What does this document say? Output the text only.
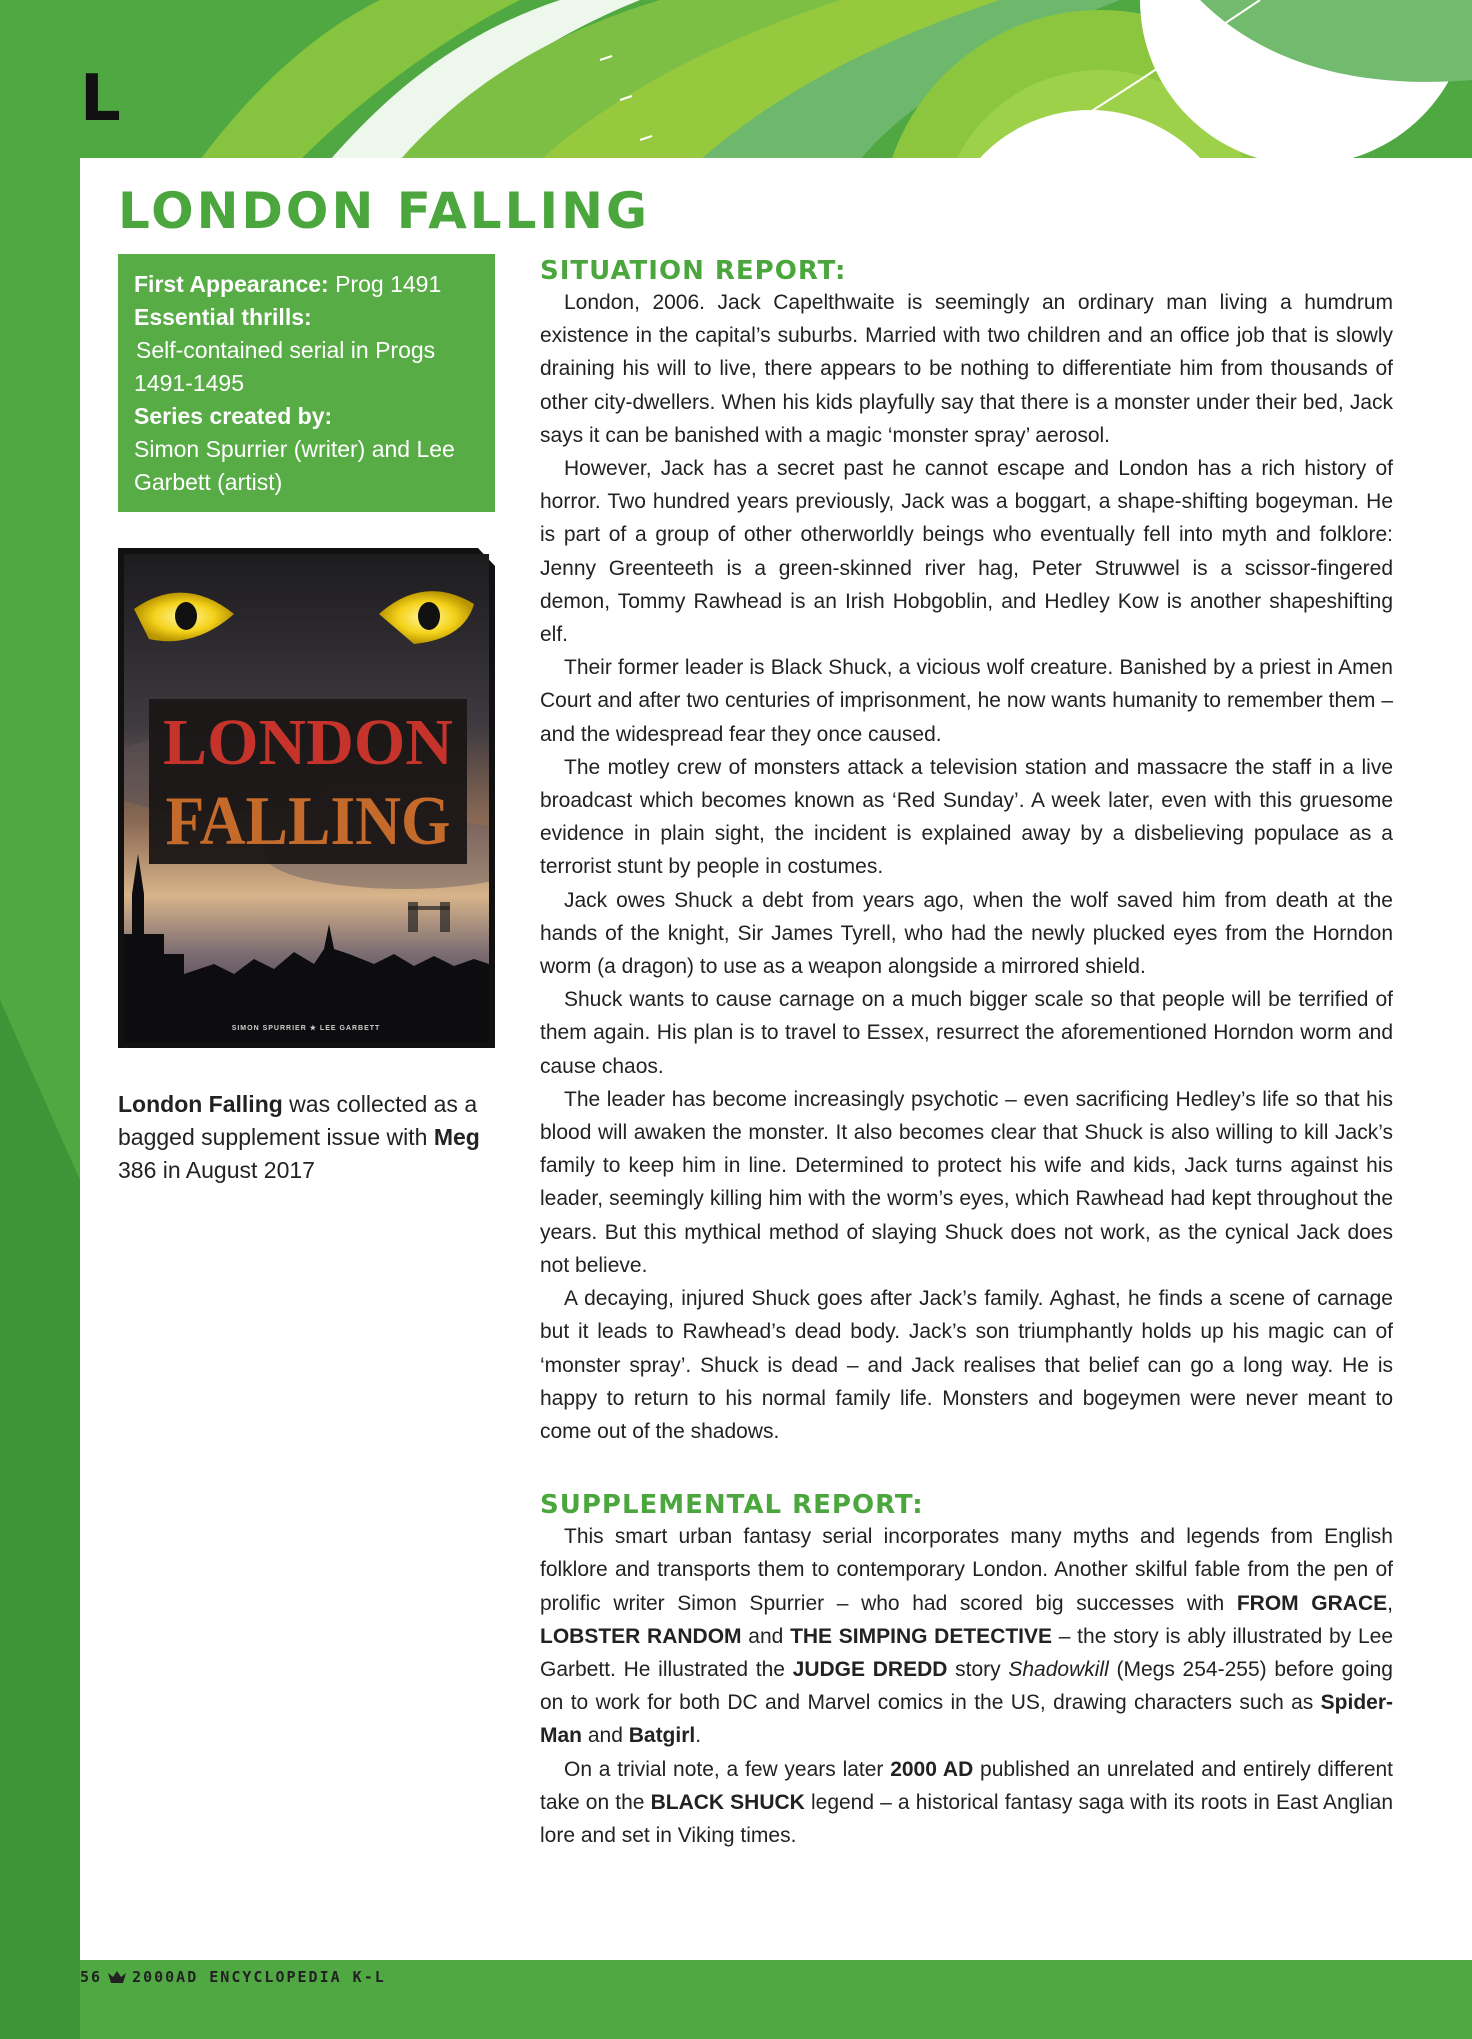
L
LONDON FALLING

First Appearance: Prog 1491

Essential thrills:

Self-contained serial in Progs 1491-1495

Series created by:

Simon Spurrier (writer) and Lee Garbett (artist)

LONDON
FALLING
SIMON SPURRIER ★ LEE GARBETT

London Falling was collected as a bagged supplement issue with Meg 386 in August 2017

SITUATION REPORT:

London, 2006. Jack Capelthwaite is seemingly an ordinary man living a humdrum existence in the capital’s suburbs. Married with two children and an office job that is slowly draining his will to live, there appears to be nothing to differentiate him from thousands of other city-dwellers. When his kids playfully say that there is a monster under their bed, Jack says it can be banished with a magic ‘monster spray’ aerosol.

However, Jack has a secret past he cannot escape and London has a rich history of horror. Two hundred years previously, Jack was a boggart, a shape-shifting bogeyman. He is part of a group of other otherworldly beings who eventually fell into myth and folklore: Jenny Greenteeth is a green-skinned river hag, Peter Struwwel is a scissor-fingered demon, Tommy Rawhead is an Irish Hobgoblin, and Hedley Kow is another shapeshifting elf.

Their former leader is Black Shuck, a vicious wolf creature. Banished by a priest in Amen Court and after two centuries of imprisonment, he now wants humanity to remember them – and the widespread fear they once caused.

The motley crew of monsters attack a television station and massacre the staff in a live broadcast which becomes known as ‘Red Sunday’. A week later, even with this gruesome evidence in plain sight, the incident is explained away by a disbelieving populace as a terrorist stunt by people in costumes.

Jack owes Shuck a debt from years ago, when the wolf saved him from death at the hands of the knight, Sir James Tyrell, who had the newly plucked eyes from the Horndon worm (a dragon) to use as a weapon alongside a mirrored shield.

Shuck wants to cause carnage on a much bigger scale so that people will be terrified of them again. His plan is to travel to Essex, resurrect the aforementioned Horndon worm and cause chaos.

The leader has become increasingly psychotic – even sacrificing Hedley’s life so that his blood will awaken the monster. It also becomes clear that Shuck is also willing to kill Jack’s family to keep him in line. Determined to protect his wife and kids, Jack turns against his leader, seemingly killing him with the worm’s eyes, which Rawhead had kept throughout the years. But this mythical method of slaying Shuck does not work, as the cynical Jack does not believe.

A decaying, injured Shuck goes after Jack’s family. Aghast, he finds a scene of carnage but it leads to Rawhead’s dead body. Jack’s son triumphantly holds up his magic can of ‘monster spray’. Shuck is dead – and Jack realises that belief can go a long way. He is happy to return to his normal family life. Monsters and bogeymen were never meant to come out of the shadows.

SUPPLEMENTAL REPORT:

This smart urban fantasy serial incorporates many myths and legends from English folklore and transports them to contemporary London. Another skilful fable from the pen of prolific writer Simon Spurrier – who had scored big successes with FROM GRACE, LOBSTER RANDOM and THE SIMPING DETECTIVE – the story is ably illustrated by Lee Garbett. He illustrated the JUDGE DREDD story Shadowkill (Megs 254-255) before going on to work for both DC and Marvel comics in the US, drawing characters such as Spider-Man and Batgirl.

On a trivial note, a few years later 2000 AD published an unrelated and entirely different take on the BLACK SHUCK legend – a historical fantasy saga with its roots in East Anglian lore and set in Viking times.

56 2000AD ENCYCLOPEDIA K-L
